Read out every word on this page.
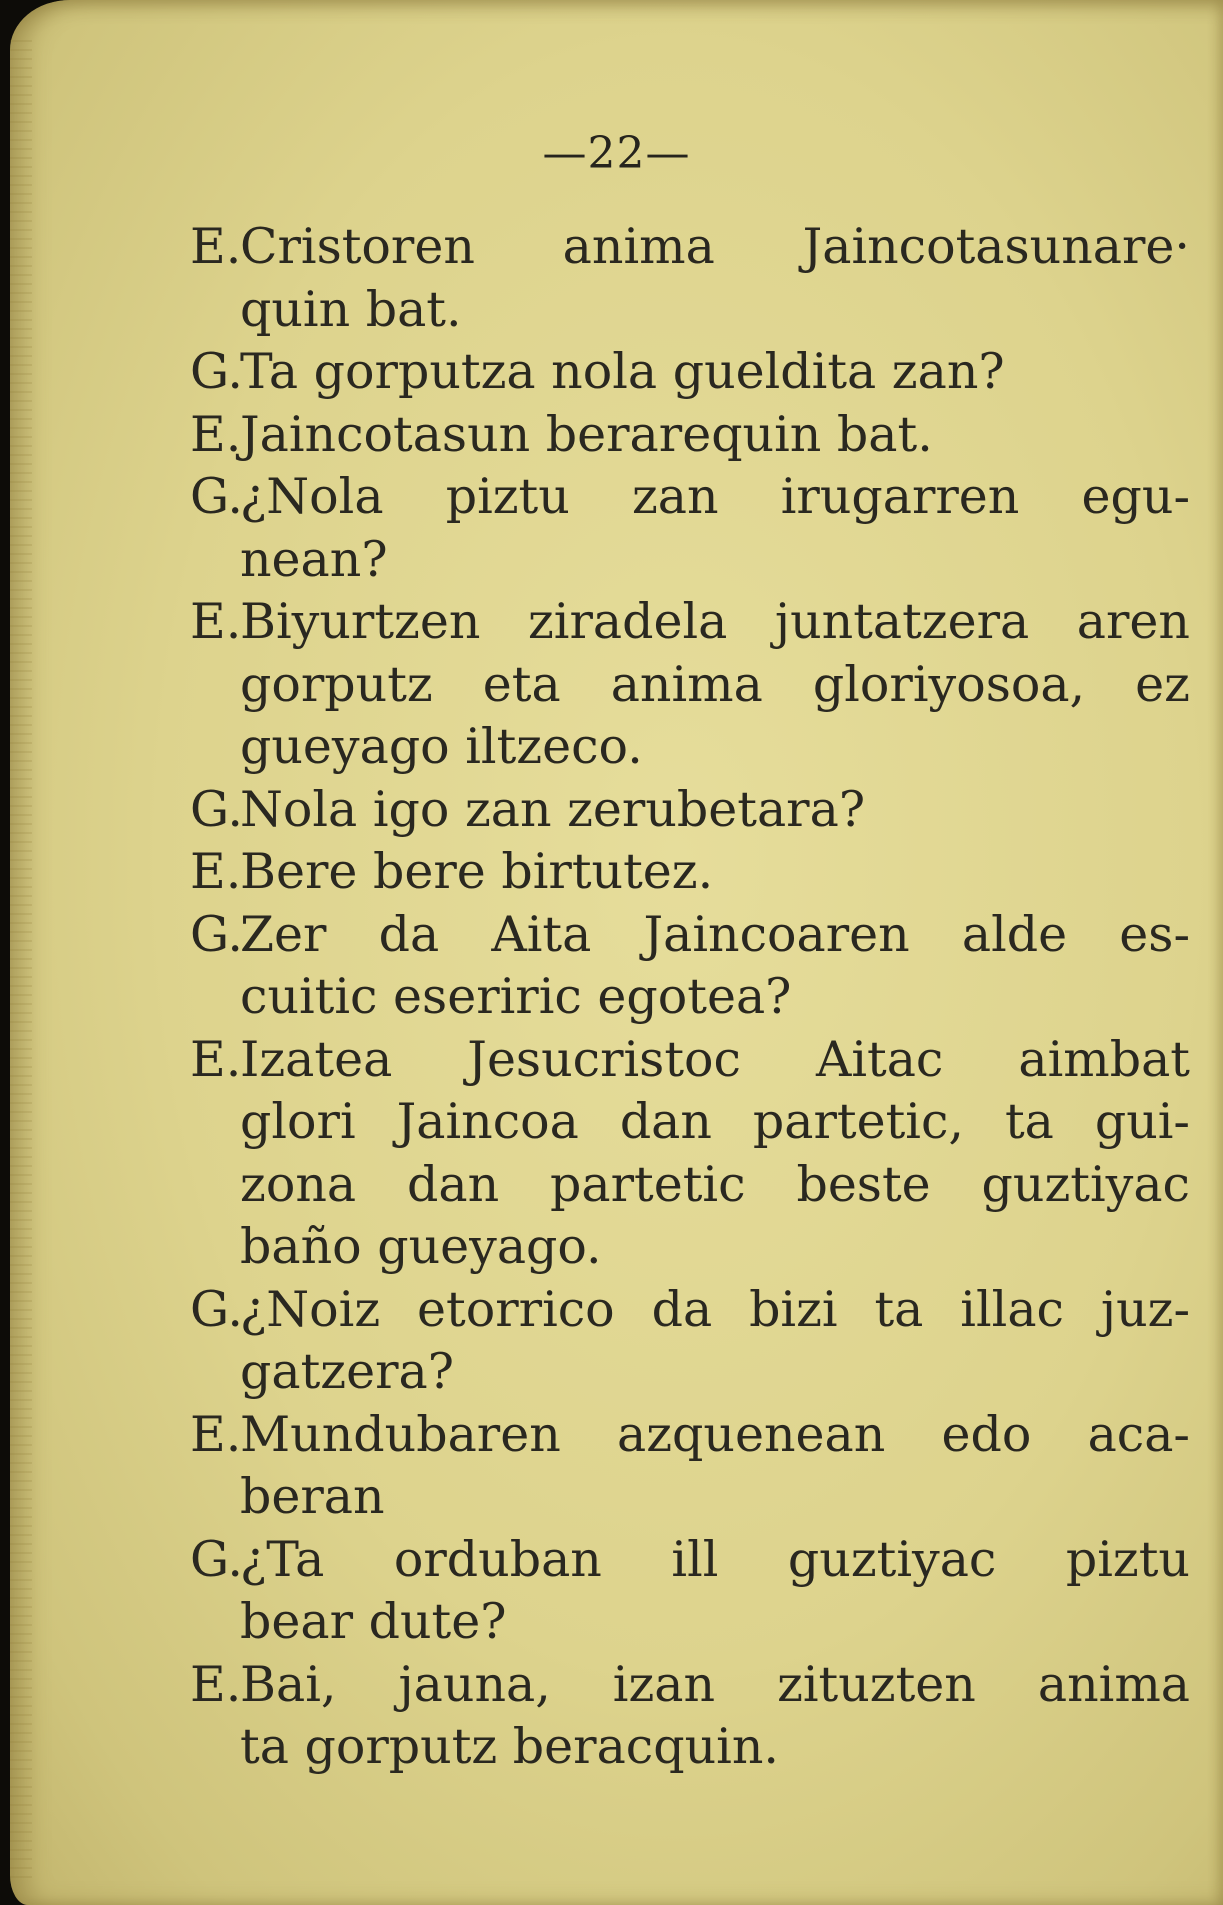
—22—
E.
Cristoren anima Jaincotasunare·
quin bat.
G.
Ta gorputza nola gueldita zan?
E.
Jaincotasun berarequin bat.
G.
¿Nola piztu zan irugarren egu-
nean?
E.
Biyurtzen ziradela juntatzera aren
gorputz eta anima gloriyosoa, ez
gueyago iltzeco.
G.
Nola igo zan zerubetara?
E.
Bere bere birtutez.
G.
Zer da Aita Jaincoaren alde es-
cuitic eseriric egotea?
E.
Izatea Jesucristoc Aitac aimbat
glori Jaincoa dan partetic, ta gui-
zona dan partetic beste guztiyac
baño gueyago.
G.
¿Noiz etorrico da bizi ta illac juz-
gatzera?
E.
Mundubaren azquenean edo aca-
beran
G.
¿Ta orduban ill guztiyac piztu
bear dute?
E.
Bai, jauna, izan zituzten anima
ta gorputz beracquin.
